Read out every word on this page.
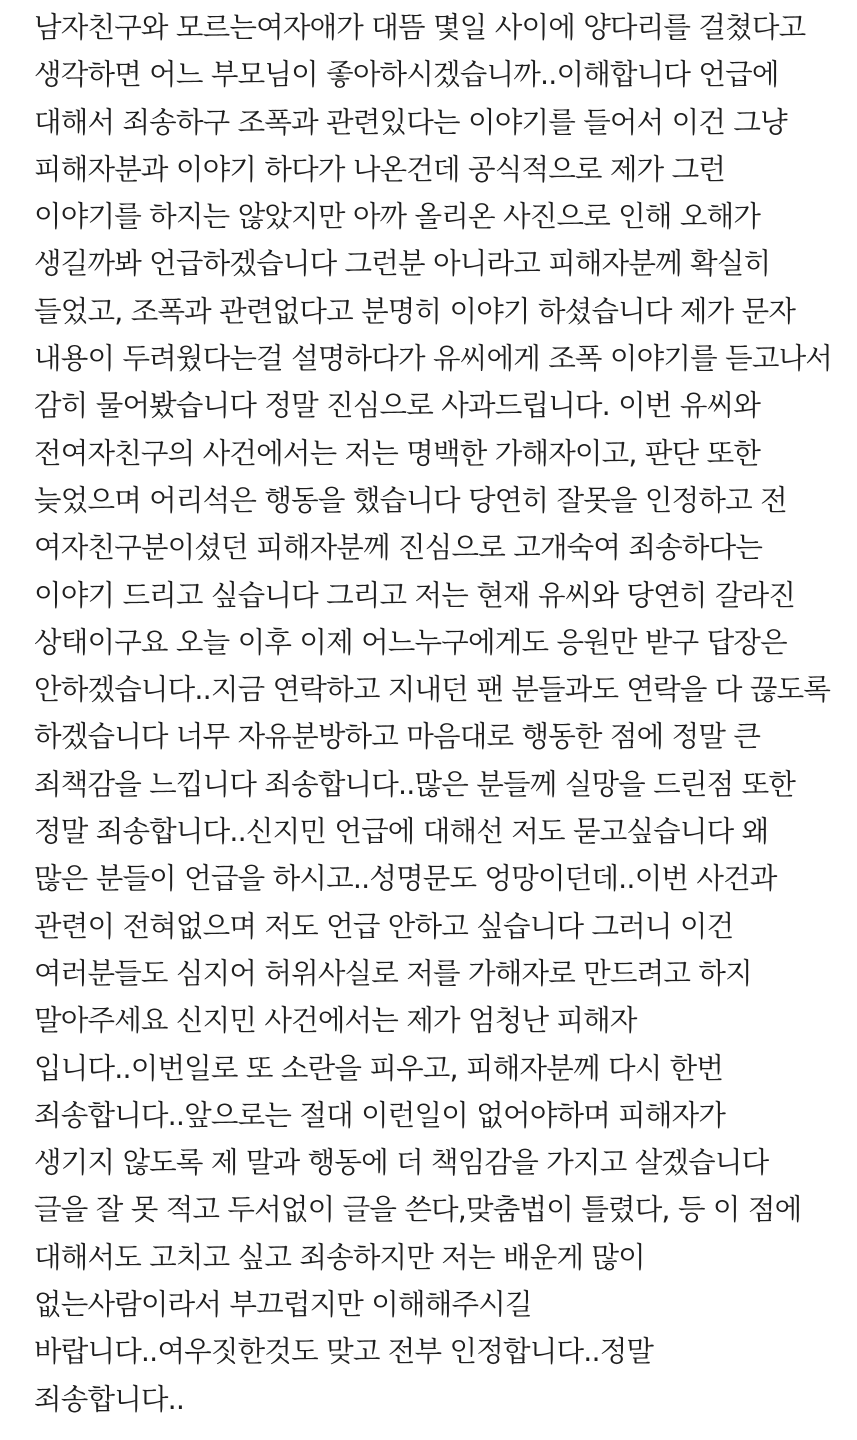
남자친구와 모르는여자애가 대뜸 몇일 사이에 양다리를 걸쳤다고
생각하면 어느 부모님이 좋아하시겠습니까..이해합니다 언급에
대해서 죄송하구 조폭과 관련있다는 이야기를 들어서 이건 그냥
피해자분과 이야기 하다가 나온건데 공식적으로 제가 그런
이야기를 하지는 않았지만 아까 올리온 사진으로 인해 오해가
생길까봐 언급하겠습니다 그런분 아니라고 피해자분께 확실히
들었고, 조폭과 관련없다고 분명히 이야기 하셨습니다 제가 문자
내용이 두려웠다는걸 설명하다가 유씨에게 조폭 이야기를 듣고나서
감히 물어봤습니다 정말 진심으로 사과드립니다. 이번 유씨와
전여자친구의 사건에서는 저는 명백한 가해자이고, 판단 또한
늦었으며 어리석은 행동을 했습니다 당연히 잘못을 인정하고 전
여자친구분이셨던 피해자분께 진심으로 고개숙여 죄송하다는
이야기 드리고 싶습니다 그리고 저는 현재 유씨와 당연히 갈라진
상태이구요 오늘 이후 이제 어느누구에게도 응원만 받구 답장은
안하겠습니다..지금 연락하고 지내던 팬 분들과도 연락을 다 끊도록
하겠습니다 너무 자유분방하고 마음대로 행동한 점에 정말 큰
죄책감을 느낍니다 죄송합니다..많은 분들께 실망을 드린점 또한
정말 죄송합니다..신지민 언급에 대해선 저도 묻고싶습니다 왜
많은 분들이 언급을 하시고..성명문도 엉망이던데..이번 사건과
관련이 전혀없으며 저도 언급 안하고 싶습니다 그러니 이건
여러분들도 심지어 허위사실로 저를 가해자로 만드려고 하지
말아주세요 신지민 사건에서는 제가 엄청난 피해자
입니다..이번일로 또 소란을 피우고, 피해자분께 다시 한번
죄송합니다..앞으로는 절대 이런일이 없어야하며 피해자가
생기지 않도록 제 말과 행동에 더 책임감을 가지고 살겠습니다
글을 잘 못 적고 두서없이 글을 쓴다,맞춤법이 틀렸다, 등 이 점에
대해서도 고치고 싶고 죄송하지만 저는 배운게 많이
없는사람이라서 부끄럽지만 이해해주시길
바랍니다..여우짓한것도 맞고 전부 인정합니다..정말
죄송합니다..
